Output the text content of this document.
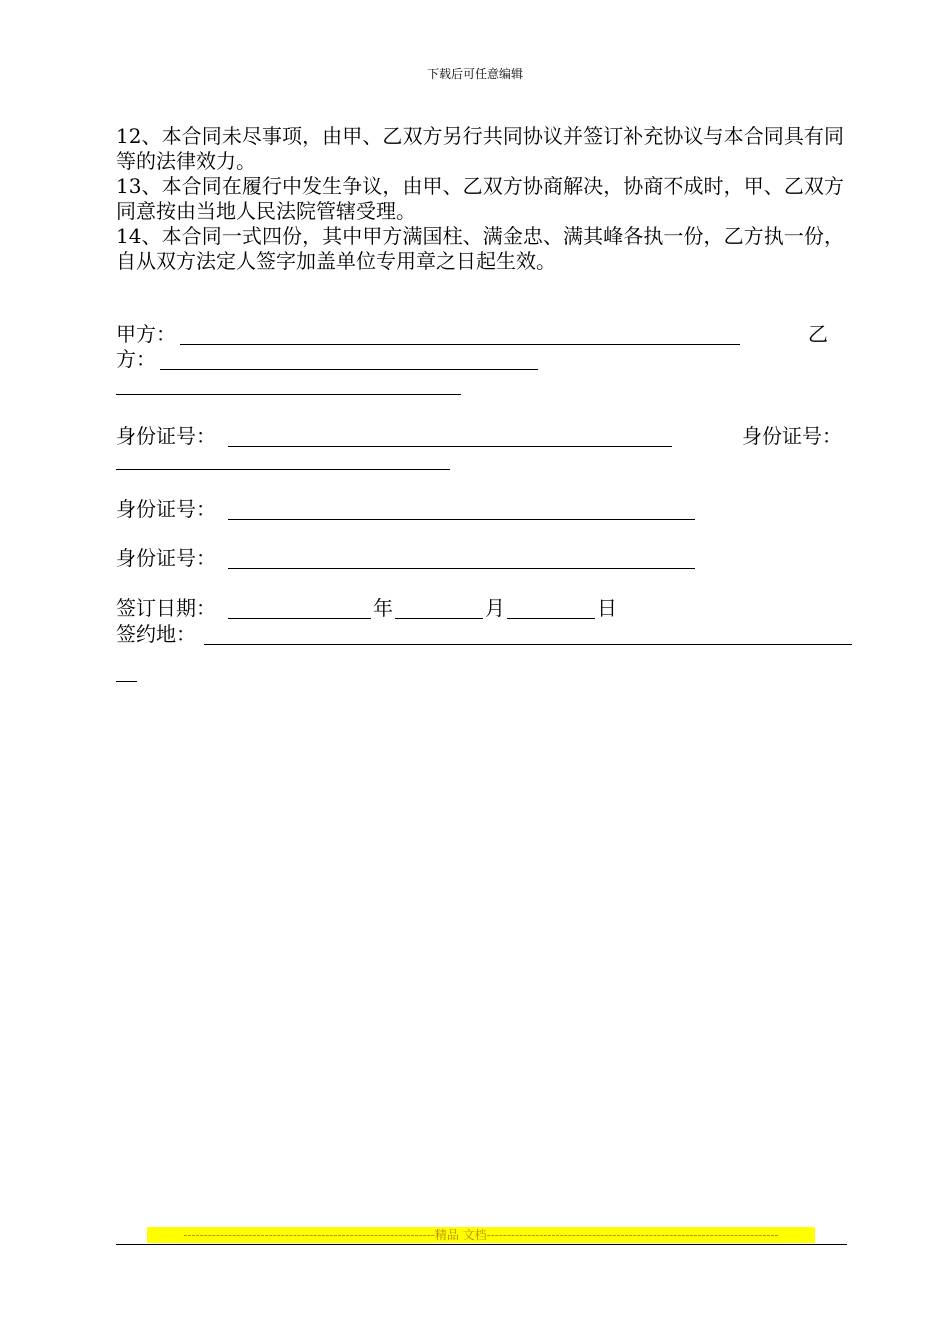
下载后可任意编辑

12、本合同未尽事项，由甲、乙双方另行共同协议并签订补充协议与本合同具有同等的法律效力。

13、本合同在履行中发生争议，由甲、乙双方协商解决，协商不成时，甲、乙双方同意按由当地人民法院管辖受理。

14、本合同一式四份，其中甲方满国柱、满金忠、满其峰各执一份，乙方执一份，自从双方法定人签字加盖单位专用章之日起生效。

甲方：	乙
方：
身份证号：	身份证号：
身份证号：
身份证号：
签订日期：	年	月	日
签约地：
--------------------------------------------------------------精品 文档------------------------------------------------------------------------
